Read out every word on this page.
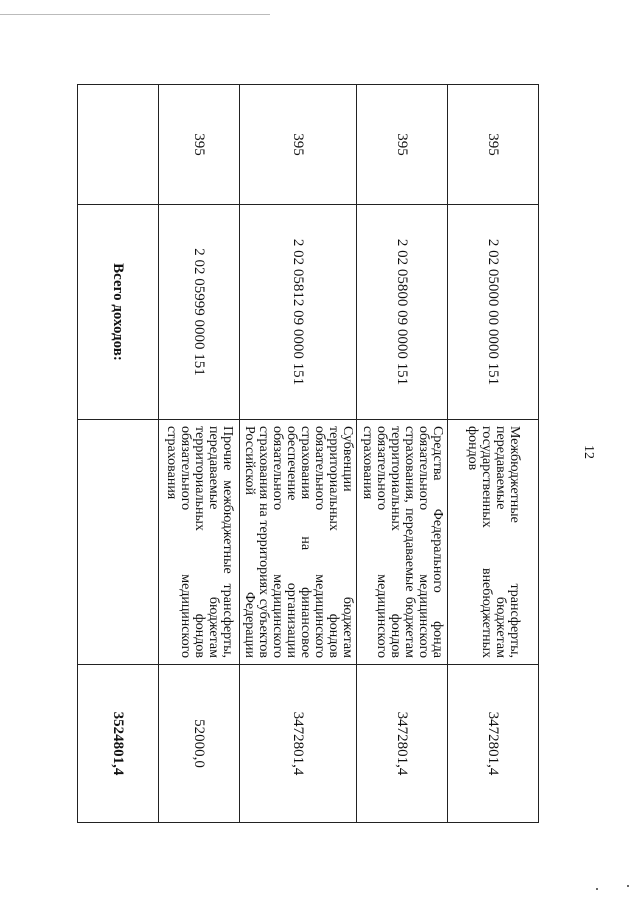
12
395	2 02 05000 00 0000 151	Межбюджетные трансферты, передаваемые бюджетам государственных внебюджетных фондов	3472801,4
395	2 02 05800 09 0000 151	Средства Федерального фонда обязательного медицинского страхования, передаваемые бюджетам территориальных фондов обязательного медицинского страхования	3472801,4
395	2 02 05812 09 0000 151	Субвенции бюджетам территориальных фондов обязательного медицинского страхования на финансовое обеспечение организации обязательного медицинского страхования на территориях субъектов Российской Федерации	3472801,4
395	2 02 05999 0000 151	Прочие межбюджетные трансферты, передаваемые бюджетам территориальных фондов обязательного медицинского страхования	52000,0
	Всего доходов:		3524801,4
